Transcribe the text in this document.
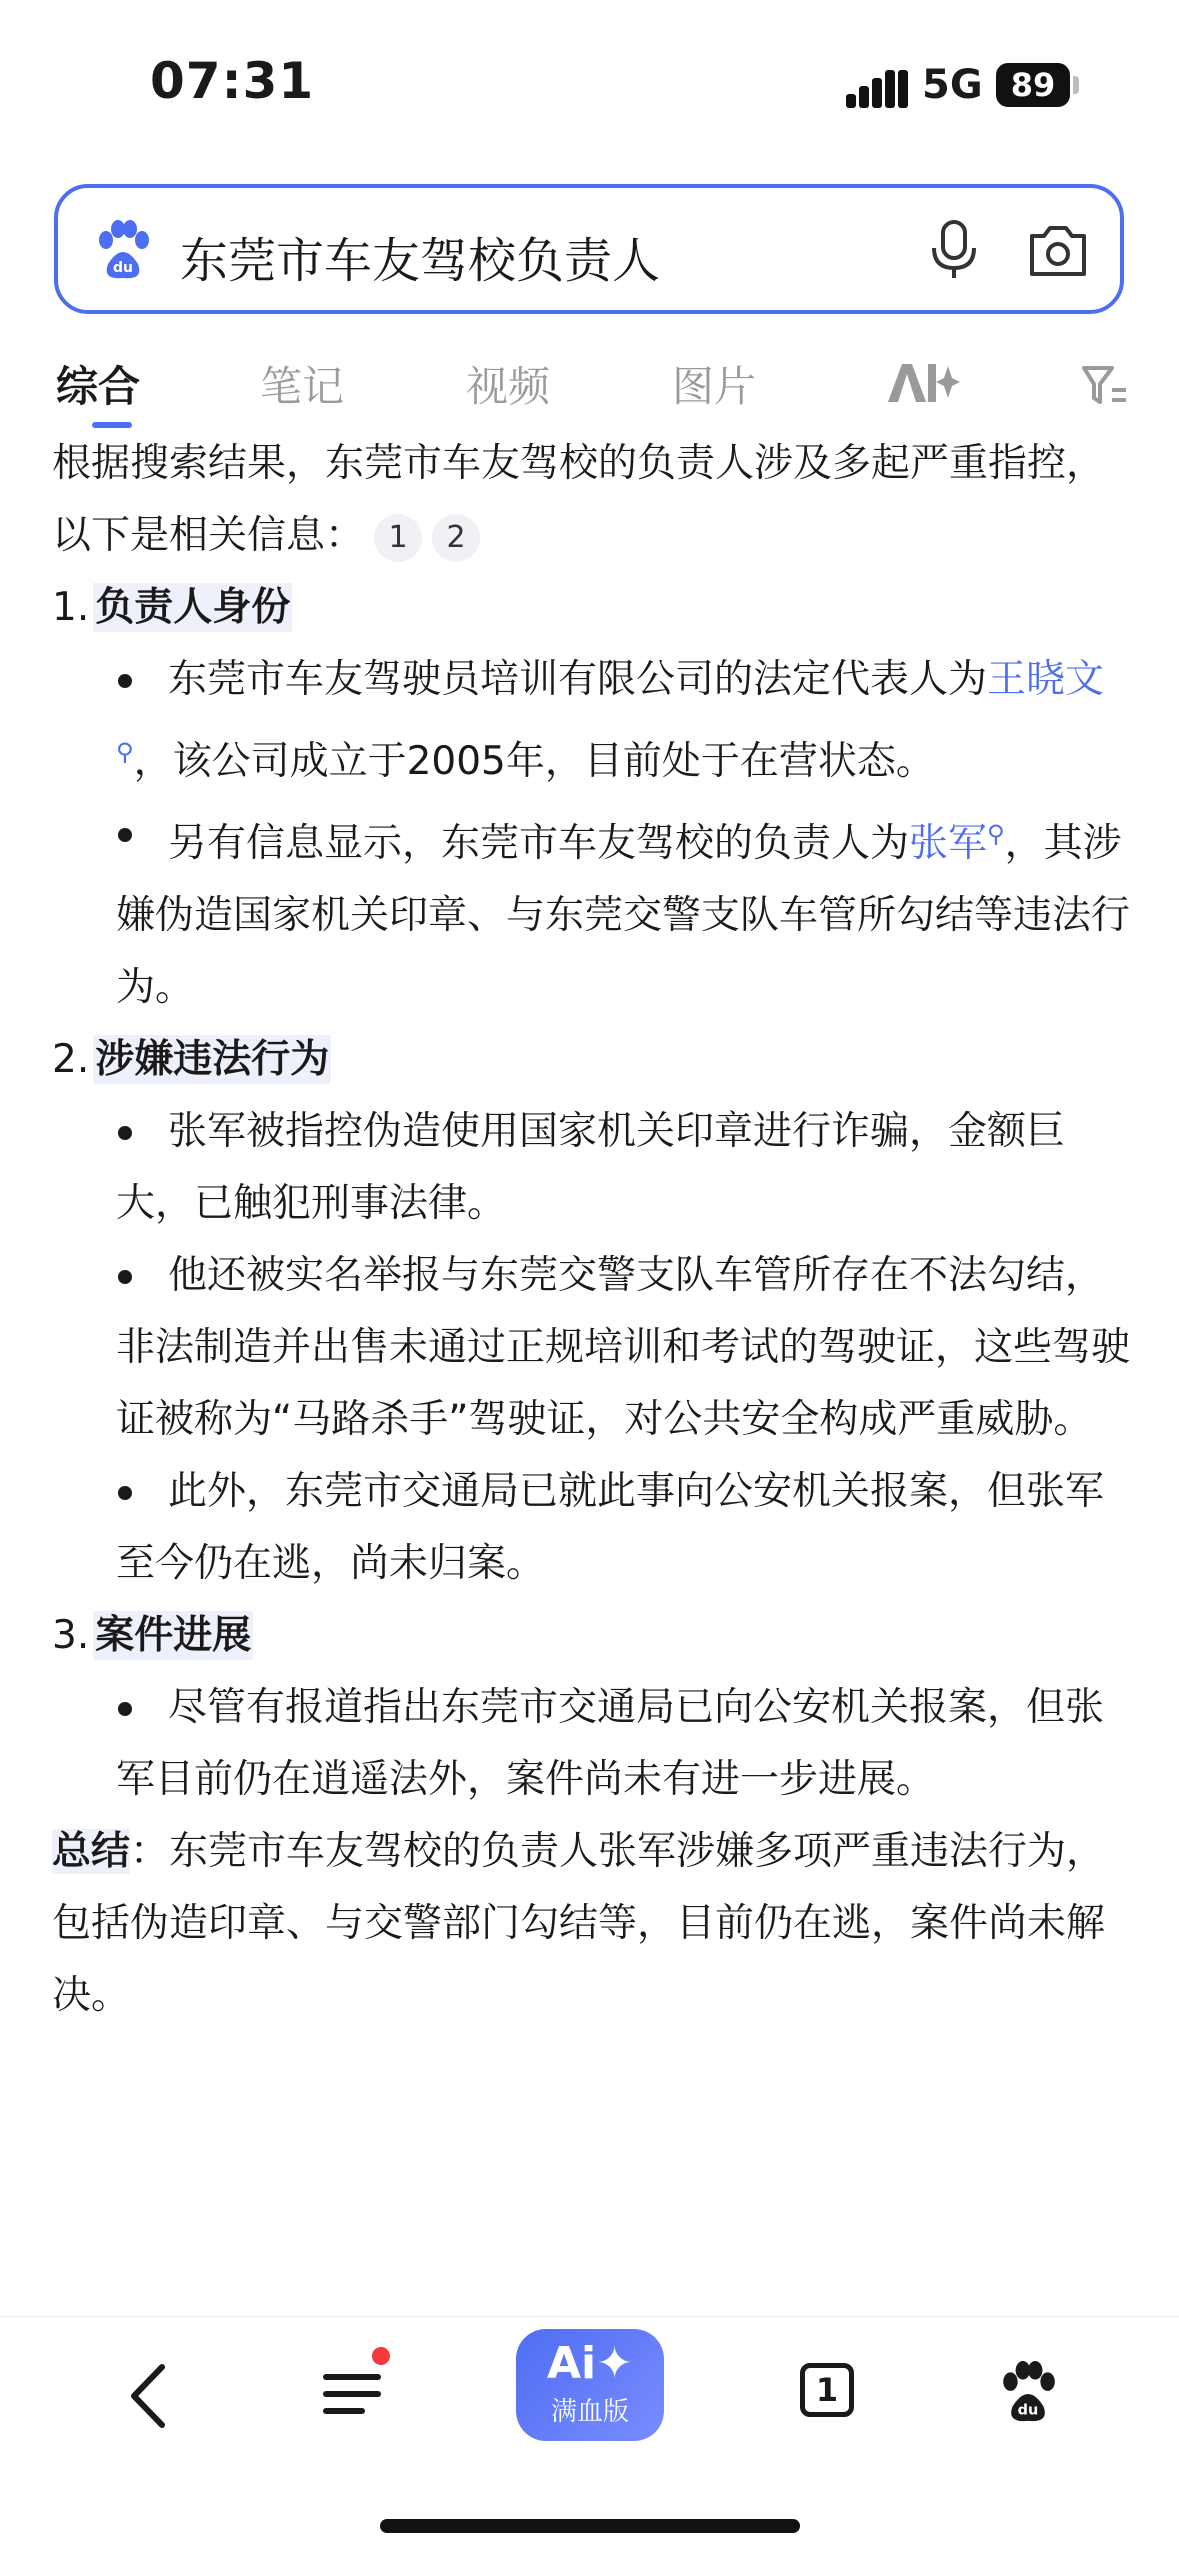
07:31	5G 89
du 东莞市车友驾校负责人
综合	笔记	视频	图片

根据搜索结果，东莞市车友驾校的负责人涉及多起严重指控，以下是相关信息： 1 2

1. 负责人身份

东莞市车友驾驶员培训有限公司的法定代表人为王晓文⚲，该公司成立于2005年，目前处于在营状态。

另有信息显示，东莞市车友驾校的负责人为张军⚲，其涉嫌伪造国家机关印章、与东莞交警支队车管所勾结等违法行为。

2. 涉嫌违法行为

张军被指控伪造使用国家机关印章进行诈骗，金额巨大，已触犯刑事法律。

他还被实名举报与东莞交警支队车管所存在不法勾结，非法制造并出售未通过正规培训和考试的驾驶证，这些驾驶证被称为“马路杀手”驾驶证，对公共安全构成严重威胁。

此外，东莞市交通局已就此事向公安机关报案，但张军至今仍在逃，尚未归案。

3. 案件进展

尽管有报道指出东莞市交通局已向公安机关报案，但张军目前仍在逍遥法外，案件尚未有进一步进展。

总结：东莞市车友驾校的负责人张军涉嫌多项严重违法行为，包括伪造印章、与交警部门勾结等，目前仍在逃，案件尚未解决。

Ai✦
满血版
1
du
